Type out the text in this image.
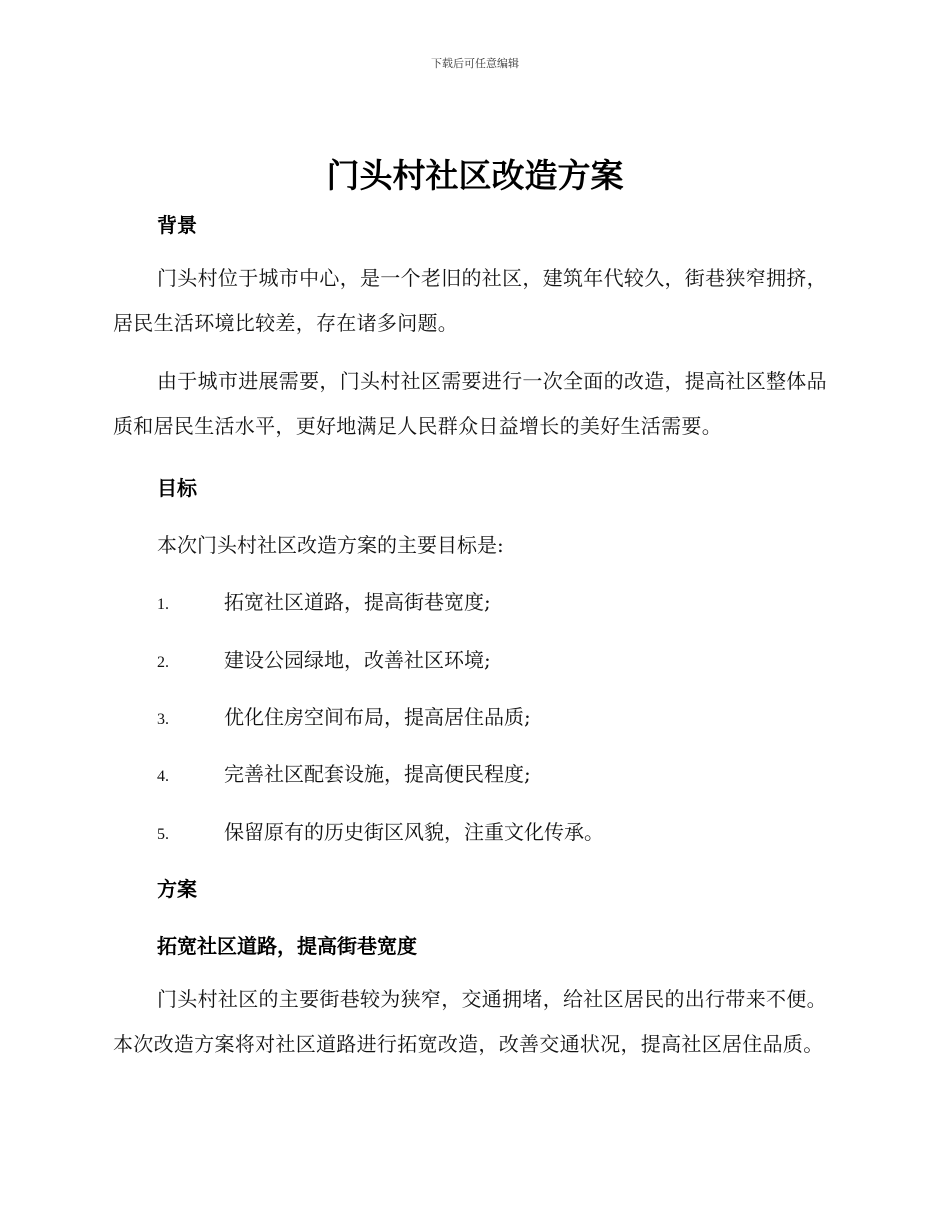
下载后可任意编辑
门头村社区改造方案
背景
门头村位于城市中心，是一个老旧的社区，建筑年代较久，街巷狭窄拥挤，居民生活环境比较差，存在诸多问题。
由于城市进展需要，门头村社区需要进行一次全面的改造，提高社区整体品质和居民生活水平，更好地满足人民群众日益增长的美好生活需要。
目标
本次门头村社区改造方案的主要目标是:
1.	拓宽社区道路，提高街巷宽度;
2.	建设公园绿地，改善社区环境;
3.	优化住房空间布局，提高居住品质;
4.	完善社区配套设施，提高便民程度;
5.	保留原有的历史街区风貌，注重文化传承。
方案
拓宽社区道路，提高街巷宽度
门头村社区的主要街巷较为狭窄，交通拥堵，给社区居民的出行带来不便。本次改造方案将对社区道路进行拓宽改造，改善交通状况，提高社区居住品质。
